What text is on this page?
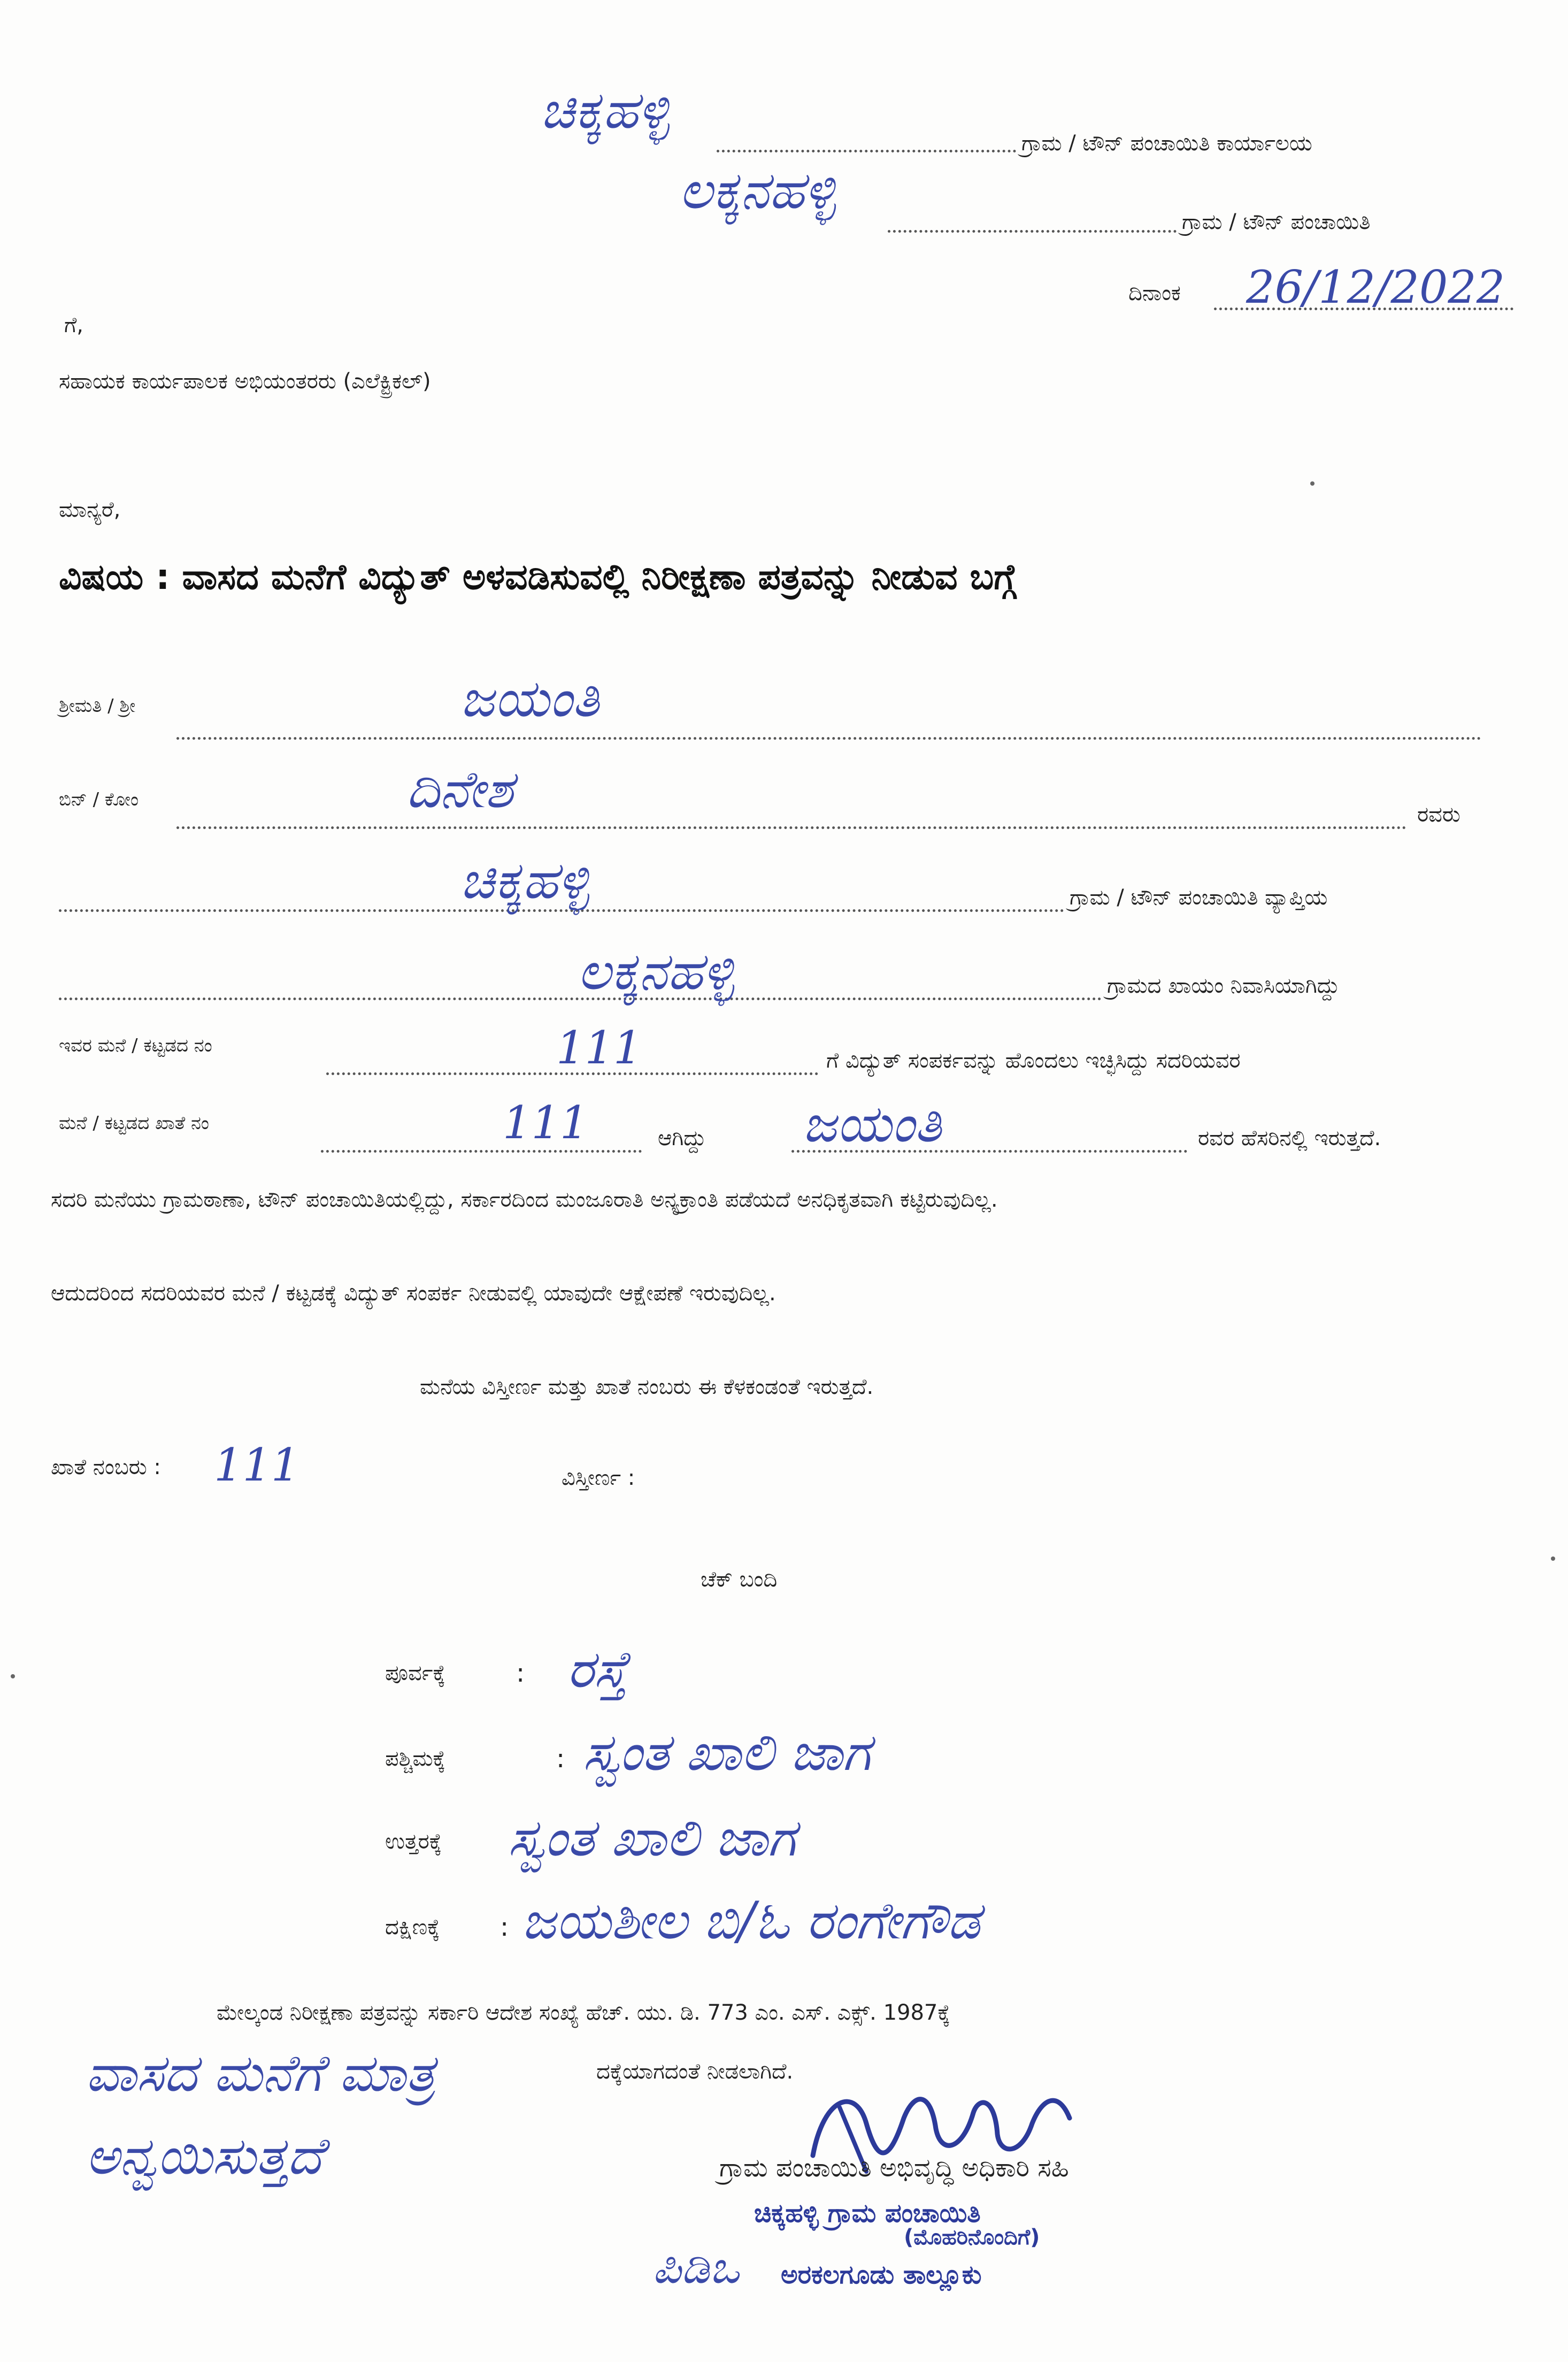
ಚಿಕ್ಕಹಳ್ಳಿ
ಗ್ರಾಮ / ಟೌನ್ ಪಂಚಾಯಿತಿ ಕಾರ್ಯಾಲಯ
ಲಕ್ಕನಹಳ್ಳಿ
ಗ್ರಾಮ / ಟೌನ್ ಪಂಚಾಯಿತಿ
ದಿನಾಂಕ 26/12/2022
ಗೆ,
ಸಹಾಯಕ ಕಾರ್ಯಪಾಲಕ ಅಭಿಯಂತರರು (ಎಲೆಕ್ಟ್ರಿಕಲ್)
ಮಾನ್ಯರೆ,
ವಿಷಯ : ವಾಸದ ಮನೆಗೆ ವಿದ್ಯುತ್ ಅಳವಡಿಸುವಲ್ಲಿ ನಿರೀಕ್ಷಣಾ ಪತ್ರವನ್ನು ನೀಡುವ ಬಗ್ಗೆ
ಶ್ರೀಮತಿ / ಶ್ರೀ	ಜಯಂತಿ
ಬಿನ್ / ಕೋಂ	ದಿನೇಶ	ರವರು
ಚಿಕ್ಕಹಳ್ಳಿ	ಗ್ರಾಮ / ಟೌನ್ ಪಂಚಾಯಿತಿ ವ್ಯಾಪ್ತಿಯ
ಲಕ್ಕನಹಳ್ಳಿ	ಗ್ರಾಮದ ಖಾಯಂ ನಿವಾಸಿಯಾಗಿದ್ದು
ಇವರ ಮನೆ / ಕಟ್ಟಡದ ನಂ	111	ಗೆ ವಿದ್ಯುತ್ ಸಂಪರ್ಕವನ್ನು ಹೊಂದಲು ಇಚ್ಛಿಸಿದ್ದು ಸದರಿಯವರ
ಮನೆ / ಕಟ್ಟಡದ ಖಾತೆ ನಂ	111	ಆಗಿದ್ದು ಜಯಂತಿ	ರವರ ಹೆಸರಿನಲ್ಲಿ ಇರುತ್ತದೆ.
ಸದರಿ ಮನೆಯು ಗ್ರಾಮಠಾಣಾ, ಟೌನ್ ಪಂಚಾಯಿತಿಯಲ್ಲಿದ್ದು, ಸರ್ಕಾರದಿಂದ ಮಂಜೂರಾತಿ ಅನ್ಯಕ್ರಾಂತಿ ಪಡೆಯದೆ ಅನಧಿಕೃತವಾಗಿ ಕಟ್ಟಿರುವುದಿಲ್ಲ.
ಆದುದರಿಂದ ಸದರಿಯವರ ಮನೆ / ಕಟ್ಟಡಕ್ಕೆ ವಿದ್ಯುತ್ ಸಂಪರ್ಕ ನೀಡುವಲ್ಲಿ ಯಾವುದೇ ಆಕ್ಷೇಪಣೆ ಇರುವುದಿಲ್ಲ.
ಮನೆಯ ವಿಸ್ತೀರ್ಣ ಮತ್ತು ಖಾತೆ ನಂಬರು ಈ ಕೆಳಕಂಡಂತೆ ಇರುತ್ತದೆ.
ಖಾತೆ ನಂಬರು : 111	ವಿಸ್ತೀರ್ಣ :
ಚೆಕ್ ಬಂದಿ
ಪೂರ್ವಕ್ಕೆ	: ರಸ್ತೆ
ಪಶ್ಚಿಮಕ್ಕೆ	: ಸ್ವಂತ ಖಾಲಿ ಜಾಗ
ಉತ್ತರಕ್ಕೆ ಸ್ವಂತ ಖಾಲಿ ಜಾಗ
ದಕ್ಷಿಣಕ್ಕೆ : ಜಯಶೀಲ ಬಿ/ಓ ರಂಗೇಗೌಡ
ಮೇಲ್ಕಂಡ ನಿರೀಕ್ಷಣಾ ಪತ್ರವನ್ನು ಸರ್ಕಾರಿ ಆದೇಶ ಸಂಖ್ಯೆ ಹೆಚ್. ಯು. ಡಿ. 773 ಎಂ. ಎಸ್. ಎಕ್ಸ್. 1987ಕ್ಕೆ
ದಕ್ಕೆಯಾಗದಂತೆ ನೀಡಲಾಗಿದೆ.
ವಾಸದ ಮನೆಗೆ ಮಾತ್ರ
ಅನ್ವಯಿಸುತ್ತದೆ	ಗ್ರಾಮ ಪಂಚಾಯಿತಿ ಅಭಿವೃದ್ಧಿ ಅಧಿಕಾರಿ ಸಹಿ
ಚಿಕ್ಕಹಳ್ಳಿ ಗ್ರಾಮ ಪಂಚಾಯಿತಿ
(ಮೊಹರಿನೊಂದಿಗೆ)
ಅರಕಲಗೂಡು ತಾಲ್ಲೂಕು
ಪಿಡಿಒ
